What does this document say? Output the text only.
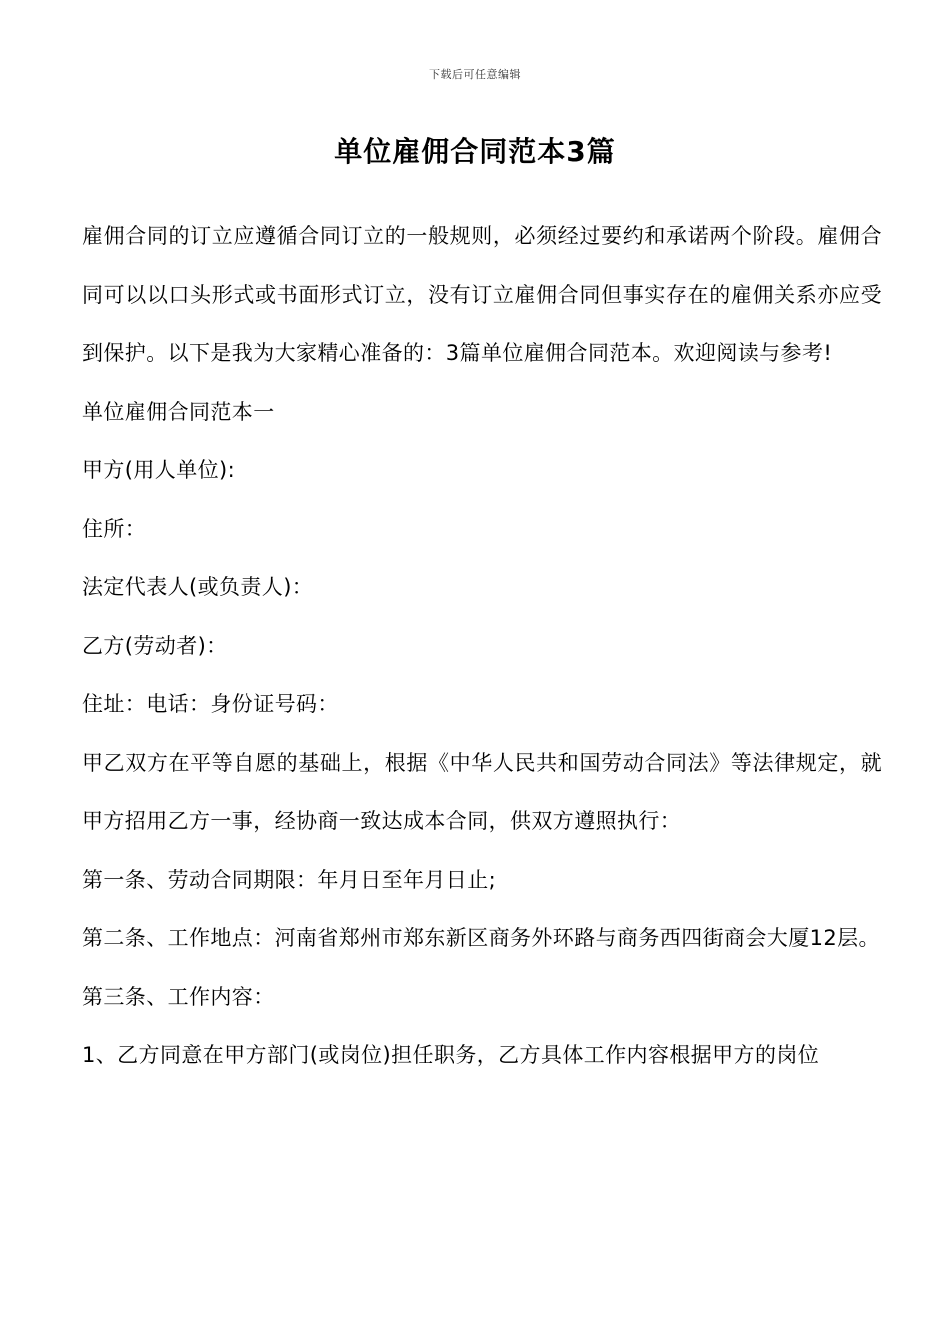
下载后可任意编辑
单位雇佣合同范本3篇

雇佣合同的订立应遵循合同订立的一般规则，必须经过要约和承诺两个阶段。雇佣合同可以以口头形式或书面形式订立，没有订立雇佣合同但事实存在的雇佣关系亦应受到保护。以下是我为大家精心准备的：3篇单位雇佣合同范本。欢迎阅读与参考!

单位雇佣合同范本一

甲方(用人单位):

住所：

法定代表人(或负责人)：

乙方(劳动者)：

住址：电话：身份证号码：

甲乙双方在平等自愿的基础上，根据《中华人民共和国劳动合同法》等法律规定，就甲方招用乙方一事，经协商一致达成本合同，供双方遵照执行：

第一条、劳动合同期限：年月日至年月日止;

第二条、工作地点：河南省郑州市郑东新区商务外环路与商务西四街商会大厦12层。

第三条、工作内容：

1、乙方同意在甲方部门(或岗位)担任职务，乙方具体工作内容根据甲方的岗位
